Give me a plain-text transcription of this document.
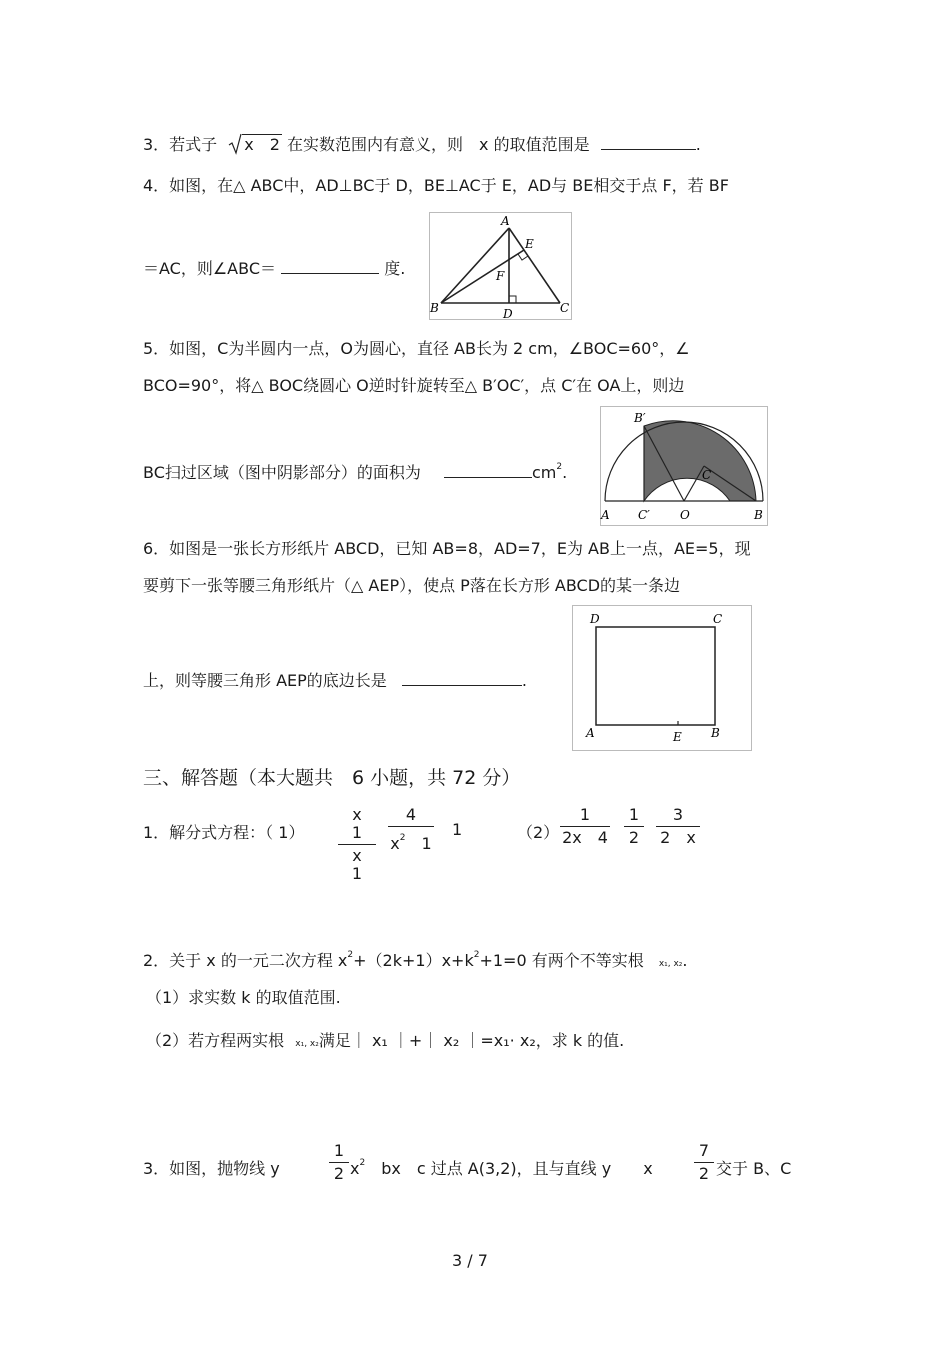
3．若式子 x　2 在实数范围内有意义，则　x 的取值范围是	.
4．如图，在△ ABC中，AD⊥BC于 D，BE⊥AC于 E，AD与 BE相交于点 F，若 BF
＝AC，则∠ABC＝	度.
A
E
F
B	C
D
5．如图，C为半圆内一点，O为圆心，直径 AB长为 2 cm，∠BOC=60°，∠
BCO=90°，将△ BOC绕圆心 O逆时针旋转至△ B′OC′，点 C′在 OA上，则边
BC扫过区域（图中阴影部分）的面积为	$cm^2$.
B′
C
A C′	O	B
6．如图是一张长方形纸片 ABCD，已知 AB=8，AD=7，E为 AB上一点，AE=5，现
要剪下一张等腰三角形纸片（△ AEP），使点 P落在长方形 ABCD的某一条边
上，则等腰三角形 AEP的底边长是	.
D	C
A	E B
三、解答题（本大题共　6 小题，共 72 分）
1．解分式方程：（ 1）
x　1
x　1
4
$x^2$　1
1	（2）
1
2x　4
1
2
3
2　x
2．关于 x 的一元二次方程 $x^2+(2k+1)x+k^2+1=0$ 有两个不等实根 x₁, x₂.
（1）求实数 k 的取值范围.
（2）若方程两实根 x₁, x₂满足｜ x₁ ｜+｜ x₂ ｜=x₁· x₂，求 k 的值.
3．如图，抛物线 y
1
2 $x^2$　bx　c 过点 A(3,2)，且与直线 y　　x
7
2 交于 B、C
3 / 7
